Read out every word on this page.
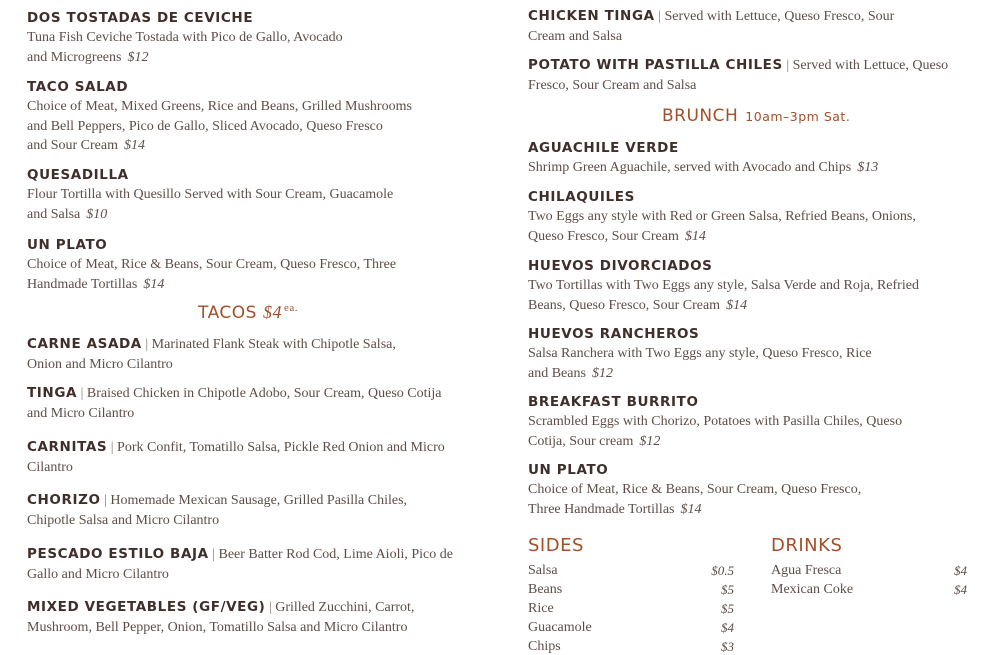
DOS TOSTADAS DE CEVICHE
Tuna Fish Ceviche Tostada with Pico de Gallo, Avocado
and Microgreens $12
TACO SALAD
Choice of Meat, Mixed Greens, Rice and Beans, Grilled Mushrooms
and Bell Peppers, Pico de Gallo, Sliced Avocado, Queso Fresco
and Sour Cream $14
QUESADILLA
Flour Tortilla with Quesillo Served with Sour Cream, Guacamole
and Salsa $10
UN PLATO
Choice of Meat, Rice & Beans, Sour Cream, Queso Fresco, Three
Handmade Tortillas $14
TACOS $4 $^{ea.}$
CARNE ASADA | Marinated Flank Steak with Chipotle Salsa,
Onion and Micro Cilantro
TINGA | Braised Chicken in Chipotle Adobo, Sour Cream, Queso Cotija
and Micro Cilantro
CARNITAS | Pork Confit, Tomatillo Salsa, Pickle Red Onion and Micro
Cilantro
CHORIZO | Homemade Mexican Sausage, Grilled Pasilla Chiles,
Chipotle Salsa and Micro Cilantro
PESCADO ESTILO BAJA | Beer Batter Rod Cod, Lime Aioli, Pico de
Gallo and Micro Cilantro
MIXED VEGETABLES (GF/VEG) | Grilled Zucchini, Carrot,
Mushroom, Bell Pepper, Onion, Tomatillo Salsa and Micro Cilantro
CHICKEN TINGA | Served with Lettuce, Queso Fresco, Sour
Cream and Salsa
POTATO WITH PASTILLA CHILES | Served with Lettuce, Queso
Fresco, Sour Cream and Salsa
BRUNCH 10am–3pm Sat.
AGUACHILE VERDE
Shrimp Green Aguachile, served with Avocado and Chips $13
CHILAQUILES
Two Eggs any style with Red or Green Salsa, Refried Beans, Onions,
Queso Fresco, Sour Cream $14
HUEVOS DIVORCIADOS
Two Tortillas with Two Eggs any style, Salsa Verde and Roja, Refried
Beans, Queso Fresco, Sour Cream $14
HUEVOS RANCHEROS
Salsa Ranchera with Two Eggs any style, Queso Fresco, Rice
and Beans $12
BREAKFAST BURRITO
Scrambled Eggs with Chorizo, Potatoes with Pasilla Chiles, Queso
Cotija, Sour cream $12
UN PLATO
Choice of Meat, Rice & Beans, Sour Cream, Queso Fresco,
Three Handmade Tortillas $14
SIDES
Salsa	$0.5
Beans	$5
Rice	$5
Guacamole	$4
Chips	$3
DRINKS
Agua Fresca	$4
Mexican Coke	$4
